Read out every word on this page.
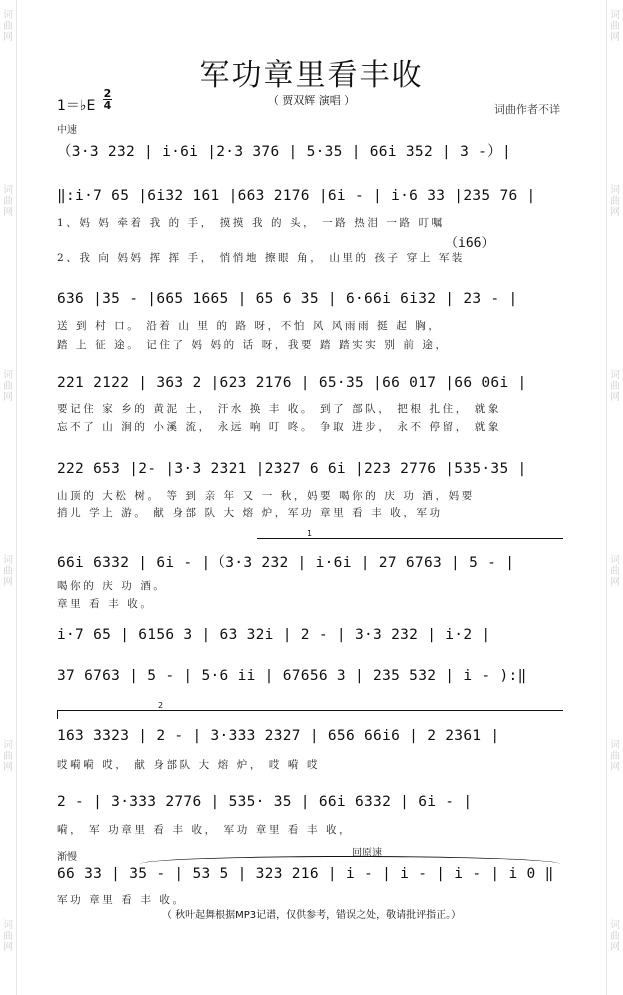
词曲网
词曲网
词曲网
词曲网
词曲网
词曲网
词曲网
词曲网
词曲网
词曲网
词曲网
词曲网
军功章里看丰收
（ 贾双辉 演唱 ）
1＝♭E
2
4	词曲作者不详
中速
（3·3 232 | i·6i |2·3 376 | 5·35 | 66i 352 | 3 -）|
‖:i·7 65 |6i32 161 |663 2176 |6i - | i·6 33 |235 76 |
1、妈 妈 牵着 我 的 手， 摸摸 我 的 头， 一路 热泪 一路 叮嘱
（i66）
2、我 向 妈妈 挥 挥 手， 悄悄地 擦眼 角， 山里的 孩子 穿上 军装
636 |35 - |665 1665 | 65 6 35 | 6·66i 6i32 | 23 - |
送 到 村 口。 沿着 山 里 的 路 呀，不怕 风 风雨雨 挺 起 胸，
踏 上 征 途。 记住了 妈 妈的 话 呀，我要 踏 踏实实 别 前 途，
221 2122 | 363 2 |623 2176 | 65·35 |66 017 |66 06i |
要记住 家 乡的 黄泥 土， 汗水 换 丰 收。 到了 部队， 把根 扎住， 就象
忘不了 山 涧的 小溪 流， 永远 响 叮 咚。 争取 进步， 永不 停留， 就象
222 653 |2- |3·3 2321 |2327 6 6i |223 2776 |535·35 |
山顶的 大松 树。 等 到 亲 年 又 一 秋，妈要 喝你的 庆 功 酒，妈要
捎儿 学上 游。 献 身部 队 大 熔 炉，军功 章里 看 丰 收，军功
1
66i 6332 | 6i - |（3·3 232 | i·6i | 27 6763 | 5 - |
喝你的 庆 功 酒。
章里 看 丰 收。
i·7 65 | 6156 3 | 63 32i | 2 - | 3·3 232 | i·2 |
37 6763 | 5 - | 5·6 ii | 67656 3 | 235 532 | i - ):‖
2
163 3323 | 2 - | 3·333 2327 | 656 66i6 | 2 2361 |
哎嗬嗬 哎， 献 身部队 大 熔 炉， 哎 嗬 哎
2 - | 3·333 2776 | 535· 35 | 66i 6332 | 6i - |
嗬， 军 功章里 看 丰 收， 军功 章里 看 丰 收，
渐慢	回原速
66 33 | 35 - | 53 5 | 323 216 | i - | i - | i - | i 0 ‖
军功 章里 看 丰 收。
（ 秋叶起舞根据MP3记谱，仅供参考，错误之处，敬请批评指正。）
